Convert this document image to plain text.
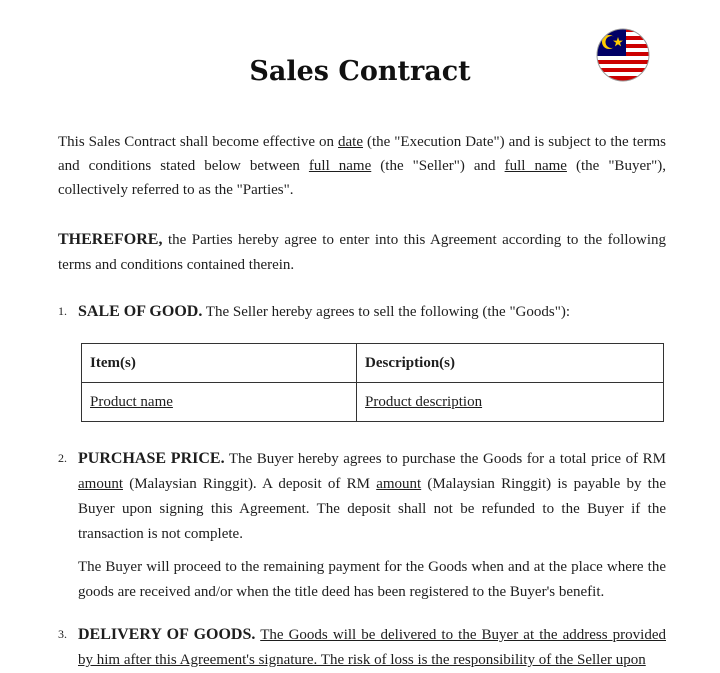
Sales Contract
This Sales Contract shall become effective on date (the "Execution Date") and is subject to the terms and conditions stated below between full name (the "Seller") and full name (the "Buyer"), collectively referred to as the "Parties".
THEREFORE, the Parties hereby agree to enter into this Agreement according to the following terms and conditions contained therein.
1. SALE OF GOOD. The Seller hereby agrees to sell the following (the "Goods"):
Item(s)	Description(s)
Product name	Product description
2. PURCHASE PRICE. The Buyer hereby agrees to purchase the Goods for a total price of RM amount (Malaysian Ringgit). A deposit of RM amount (Malaysian Ringgit) is payable by the Buyer upon signing this Agreement. The deposit shall not be refunded to the Buyer if the transaction is not complete.

The Buyer will proceed to the remaining payment for the Goods when and at the place where the goods are received and/or when the title deed has been registered to the Buyer's benefit.

3. DELIVERY OF GOODS. The Goods will be delivered to the Buyer at the address provided by him after this Agreement's signature. The risk of loss is the responsibility of the Seller upon
